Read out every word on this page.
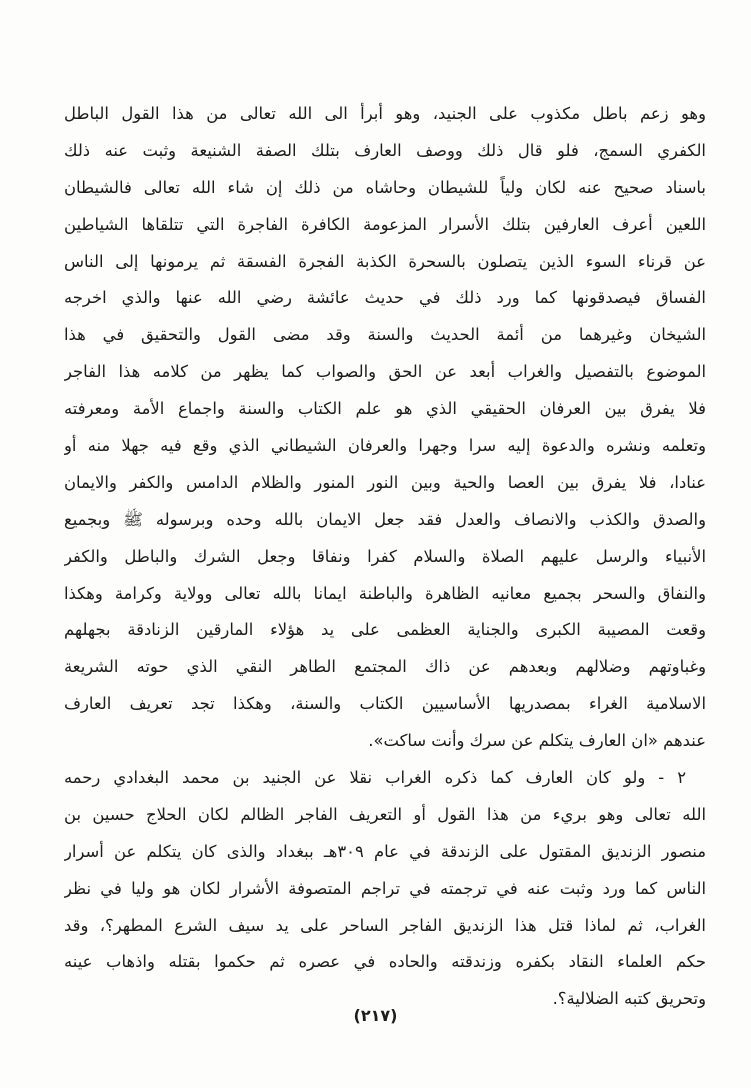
وهو زعم باطل مكذوب على الجنيد، وهو أبرأ الى الله تعالى من هذا القول الباطل
الكفري السمج، فلو قال ذلك ووصف العارف بتلك الصفة الشنيعة وثبت عنه ذلك
باسناد صحيح عنه لكان ولياً للشيطان وحاشاه من ذلك إن شاء الله تعالى فالشيطان
اللعين أعرف العارفين بتلك الأسرار المزعومة الكافرة الفاجرة التي تتلقاها الشياطين
عن قرناء السوء الذين يتصلون بالسحرة الكذبة الفجرة الفسقة ثم يرمونها إلى الناس
الفساق فيصدقونها كما ورد ذلك في حديث عائشة رضي الله عنها والذي اخرجه
الشيخان وغيرهما من أئمة الحديث والسنة وقد مضى القول والتحقيق في هذا
الموضوع بالتفصيل والغراب أبعد عن الحق والصواب كما يظهر من كلامه هذا الفاجر
فلا يفرق بين العرفان الحقيقي الذي هو علم الكتاب والسنة واجماع الأمة ومعرفته
وتعلمه ونشره والدعوة إليه سرا وجهرا والعرفان الشيطاني الذي وقع فيه جهلا منه أو
عنادا، فلا يفرق بين العصا والحية وبين النور المنور والظلام الدامس والكفر والايمان
والصدق والكذب والانصاف والعدل فقد جعل الايمان بالله وحده وبرسوله ﷺ وبجميع
الأنبياء والرسل عليهم الصلاة والسلام كفرا ونفاقا وجعل الشرك والباطل والكفر
والنفاق والسحر بجميع معانيه الظاهرة والباطنة ايمانا بالله تعالى وولاية وكرامة وهكذا
وقعت المصيبة الكبرى والجناية العظمى على يد هؤلاء المارقين الزنادقة بجهلهم
وغباوتهم وضلالهم وبعدهم عن ذاك المجتمع الطاهر النقي الذي حوته الشريعة
الاسلامية الغراء بمصدريها الأساسيين الكتاب والسنة، وهكذا تجد تعريف العارف
عندهم «ان العارف يتكلم عن سرك وأنت ساكت».
٢ - ولو كان العارف كما ذكره الغراب نقلا عن الجنيد بن محمد البغدادي رحمه
الله تعالى وهو بريء من هذا القول أو التعريف الفاجر الظالم لكان الحلاج حسين بن
منصور الزنديق المقتول على الزندقة في عام ٣٠٩هـ ببغداد والذى كان يتكلم عن أسرار
الناس كما ورد وثبت عنه في ترجمته في تراجم المتصوفة الأشرار لكان هو وليا في نظر
الغراب، ثم لماذا قتل هذا الزنديق الفاجر الساحر على يد سيف الشرع المطهر؟، وقد
حكم العلماء النقاد بكفره وزندقته والحاده في عصره ثم حكموا بقتله واذهاب عينه
وتحريق كتبه الضلالية؟.
(٢١٧)
